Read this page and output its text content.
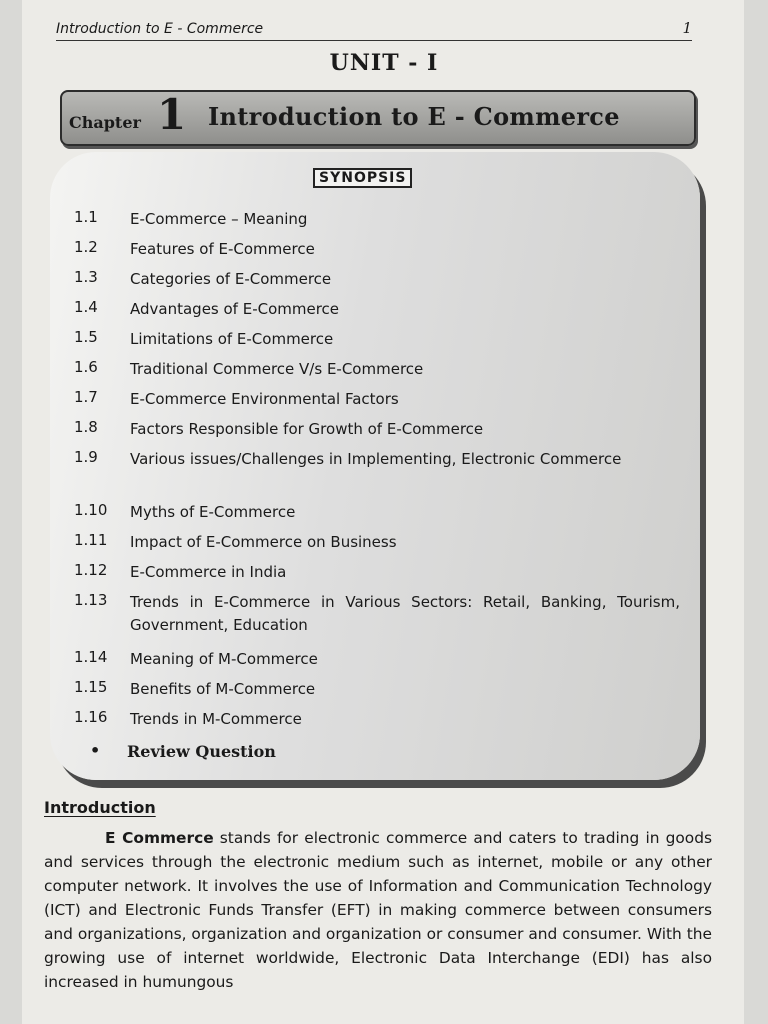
Introduction to E - Commerce	1
UNIT - I
Chapter 1 Introduction to E - Commerce
SYNOPSIS
1.1 E-Commerce – Meaning
1.2 Features of E-Commerce
1.3 Categories of E-Commerce
1.4 Advantages of E-Commerce
1.5 Limitations of E-Commerce
1.6 Traditional Commerce V/s E-Commerce
1.7 E-Commerce Environmental Factors
1.8 Factors Responsible for Growth of E-Commerce
1.9 Various issues/Challenges in Implementing, Electronic Commerce
1.10 Myths of E-Commerce
1.11 Impact of E-Commerce on Business
1.12 E-Commerce in India
1.13 Trends in E-Commerce in Various Sectors: Retail, Banking, Tourism, Government, Education
1.14 Meaning of M-Commerce
1.15 Benefits of M-Commerce
1.16 Trends in M-Commerce
• Review Question
Introduction

E Commerce stands for electronic commerce and caters to trading in goods and services through the electronic medium such as internet, mobile or any other computer network. It involves the use of Information and Communication Technology (ICT) and Electronic Funds Transfer (EFT) in making commerce between consumers and organizations, organization and organization or consumer and consumer. With the growing use of internet worldwide, Electronic Data Interchange (EDI) has also increased in humungous
